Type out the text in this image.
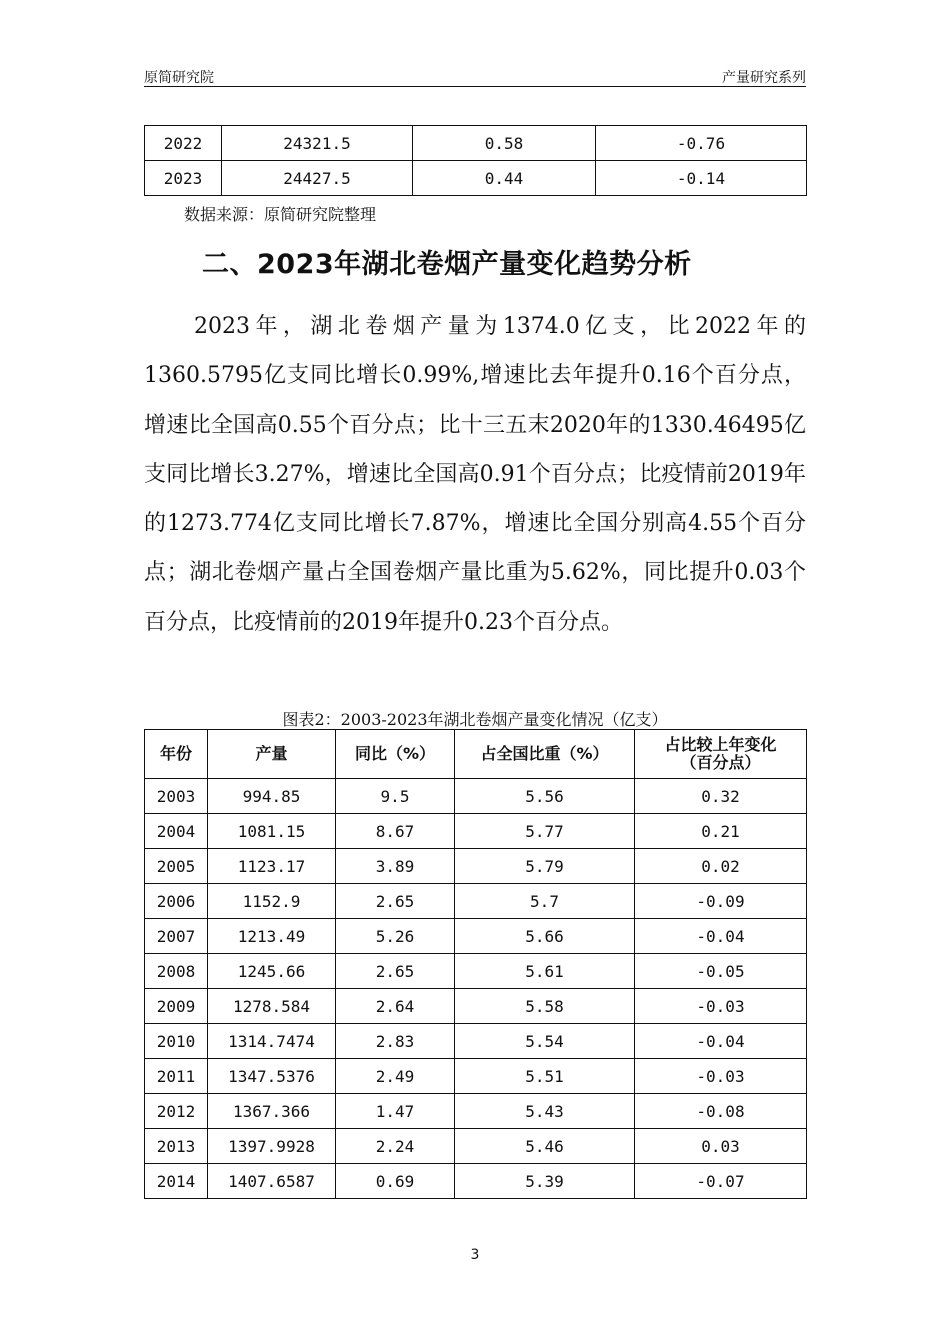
原简研究院	产量研究系列
2022	24321.5	0.58	-0.76
2023	24427.5	0.44	-0.14
数据来源：原简研究院整理
二、2023年湖北卷烟产量变化趋势分析
2023年，湖北卷烟产量为1374.0亿支，比2022年的1360.5795亿支同比增长0.99%,增速比去年提升0.16个百分点，增速比全国高0.55个百分点；比十三五末2020年的1330.46495亿支同比增长3.27%，增速比全国高0.91个百分点；比疫情前2019年的1273.774亿支同比增长7.87%，增速比全国分别高4.55个百分点；湖北卷烟产量占全国卷烟产量比重为5.62%，同比提升0.03个百分点，比疫情前的2019年提升0.23个百分点。
图表2：2003-2023年湖北卷烟产量变化情况（亿支）
年份	产量	同比（%）	占全国比重（%）	占比较上年变化（百分点）
2003	994.85	9.5	5.56	0.32
2004	1081.15	8.67	5.77	0.21
2005	1123.17	3.89	5.79	0.02
2006	1152.9	2.65	5.7	-0.09
2007	1213.49	5.26	5.66	-0.04
2008	1245.66	2.65	5.61	-0.05
2009	1278.584	2.64	5.58	-0.03
2010	1314.7474	2.83	5.54	-0.04
2011	1347.5376	2.49	5.51	-0.03
2012	1367.366	1.47	5.43	-0.08
2013	1397.9928	2.24	5.46	0.03
2014	1407.6587	0.69	5.39	-0.07
3
